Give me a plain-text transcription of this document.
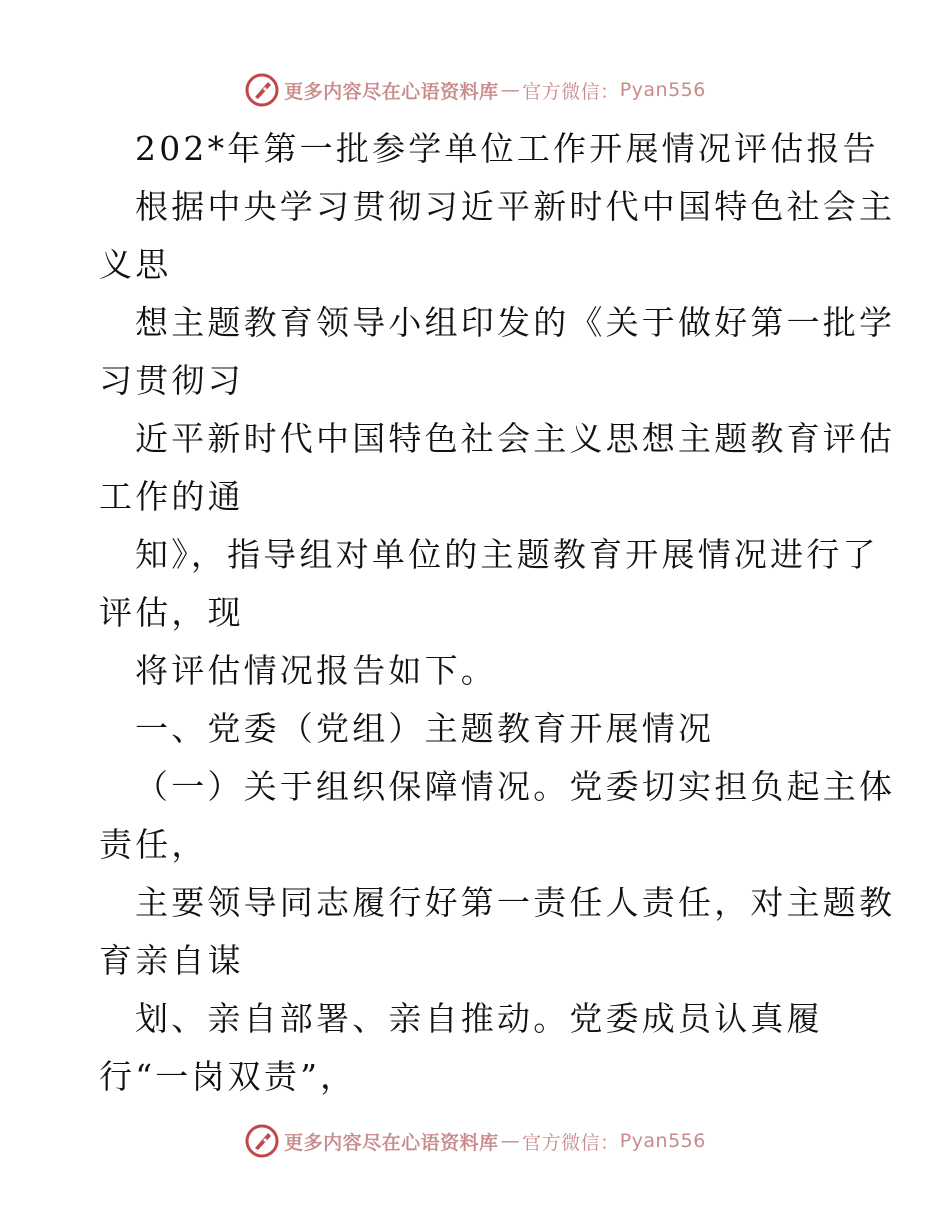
更多内容尽在心语资料库 — 官方微信： Pyan556
202*年第一批参学单位工作开展情况评估报告
根据中央学习贯彻习近平新时代中国特色社会主
义思
想主题教育领导小组印发的《关于做好第一批学
习贯彻习
近平新时代中国特色社会主义思想主题教育评估
工作的通
知》，指导组对单位的主题教育开展情况进行了
评估，现
将评估情况报告如下。
一、党委（党组）主题教育开展情况
（一）关于组织保障情况。党委切实担负起主体
责任，
主要领导同志履行好第一责任人责任，对主题教
育亲自谋
划、亲自部署、亲自推动。党委成员认真履
行“一岗双责”，
更多内容尽在心语资料库 — 官方微信： Pyan556
